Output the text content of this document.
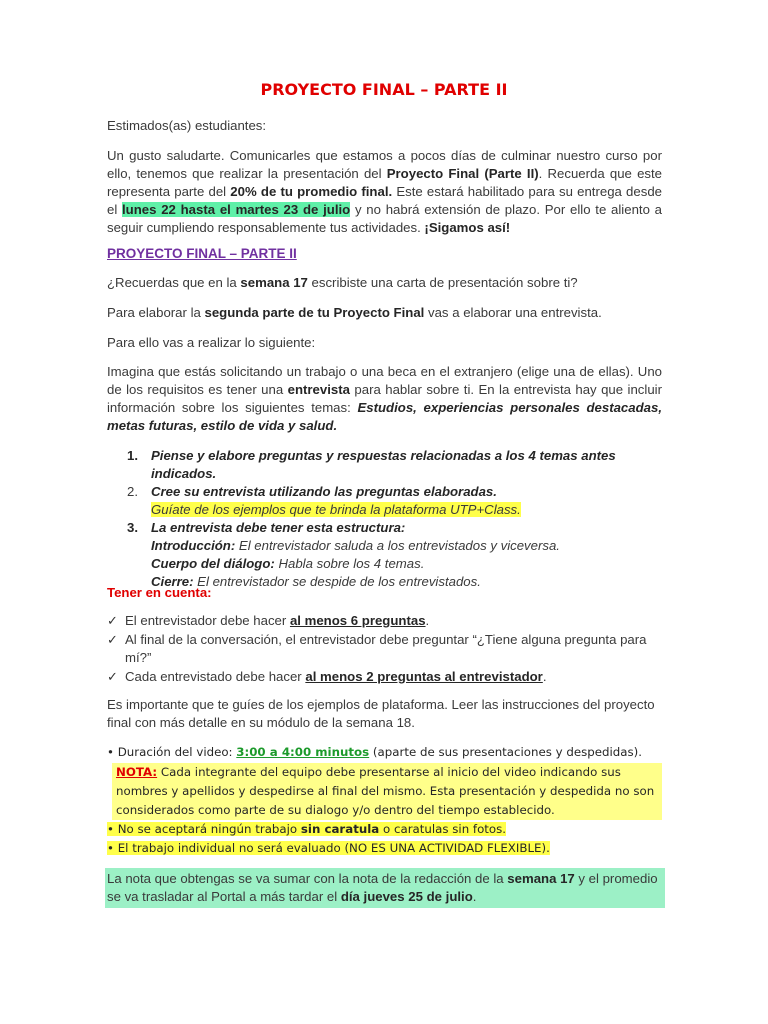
PROYECTO FINAL – PARTE II
Estimados(as) estudiantes:
Un gusto saludarte. Comunicarles que estamos a pocos días de culminar nuestro curso por ello, tenemos que realizar la presentación del Proyecto Final (Parte II). Recuerda que este representa parte del 20% de tu promedio final. Este estará habilitado para su entrega desde el lunes 22 hasta el martes 23 de julio y no habrá extensión de plazo. Por ello te aliento a seguir cumpliendo responsablemente tus actividades. ¡Sigamos así!
PROYECTO FINAL – PARTE II
¿Recuerdas que en la semana 17 escribiste una carta de presentación sobre ti?
Para elaborar la segunda parte de tu Proyecto Final vas a elaborar una entrevista.
Para ello vas a realizar lo siguiente:
Imagina que estás solicitando un trabajo o una beca en el extranjero (elige una de ellas). Uno de los requisitos es tener una entrevista para hablar sobre ti. En la entrevista hay que incluir información sobre los siguientes temas: Estudios, experiencias personales destacadas, metas futuras, estilo de vida y salud.
1. Piense y elabore preguntas y respuestas relacionadas a los 4 temas antes indicados.
2. Cree su entrevista utilizando las preguntas elaboradas.
Guíate de los ejemplos que te brinda la plataforma UTP+Class.
3. La entrevista debe tener esta estructura:
Introducción: El entrevistador saluda a los entrevistados y viceversa.
Cuerpo del diálogo: Habla sobre los 4 temas.
Cierre: El entrevistador se despide de los entrevistados.
Tener en cuenta:
✓ El entrevistador debe hacer al menos 6 preguntas.
✓ Al final de la conversación, el entrevistador debe preguntar “¿Tiene alguna pregunta para mí?”
✓ Cada entrevistado debe hacer al menos 2 preguntas al entrevistador.
Es importante que te guíes de los ejemplos de plataforma. Leer las instrucciones del proyecto final con más detalle en su módulo de la semana 18.
• Duración del video: 3:00 a 4:00 minutos (aparte de sus presentaciones y despedidas).
NOTA: Cada integrante del equipo debe presentarse al inicio del video indicando sus nombres y apellidos y despedirse al final del mismo. Esta presentación y despedida no son considerados como parte de su dialogo y/o dentro del tiempo establecido.
• No se aceptará ningún trabajo sin caratula o caratulas sin fotos.
• El trabajo individual no será evaluado (NO ES UNA ACTIVIDAD FLEXIBLE).
La nota que obtengas se va sumar con la nota de la redacción de la semana 17 y el promedio se va trasladar al Portal a más tardar el día jueves 25 de julio.
